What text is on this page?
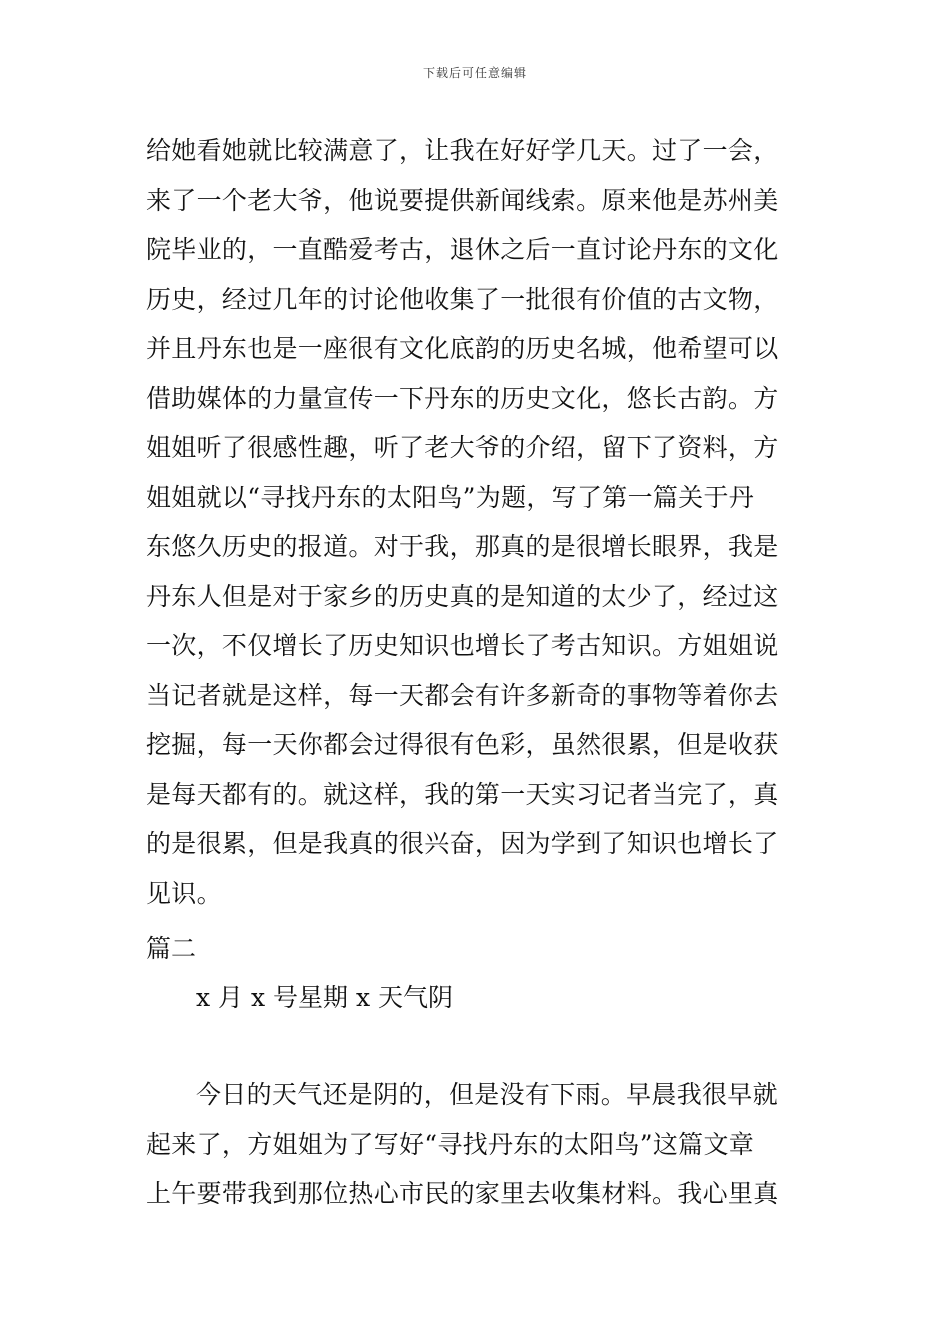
下载后可任意编辑
给她看她就比较满意了，让我在好好学几天。过了一会，
来了一个老大爷，他说要提供新闻线索。原来他是苏州美
院毕业的，一直酷爱考古，退休之后一直讨论丹东的文化
历史，经过几年的讨论他收集了一批很有价值的古文物，
并且丹东也是一座很有文化底韵的历史名城，他希望可以
借助媒体的力量宣传一下丹东的历史文化，悠长古韵。方
姐姐听了很感性趣，听了老大爷的介绍，留下了资料，方
姐姐就以“寻找丹东的太阳鸟”为题，写了第一篇关于丹
东悠久历史的报道。对于我，那真的是很增长眼界，我是
丹东人但是对于家乡的历史真的是知道的太少了，经过这
一次，不仅增长了历史知识也增长了考古知识。方姐姐说
当记者就是这样，每一天都会有许多新奇的事物等着你去
挖掘，每一天你都会过得很有色彩，虽然很累，但是收获
是每天都有的。就这样，我的第一天实习记者当完了，真
的是很累，但是我真的很兴奋，因为学到了知识也增长了
见识。
篇二
x 月 x 号星期 x 天气阴
今日的天气还是阴的，但是没有下雨。早晨我很早就
起来了，方姐姐为了写好“寻找丹东的太阳鸟”这篇文章
上午要带我到那位热心市民的家里去收集材料。我心里真
